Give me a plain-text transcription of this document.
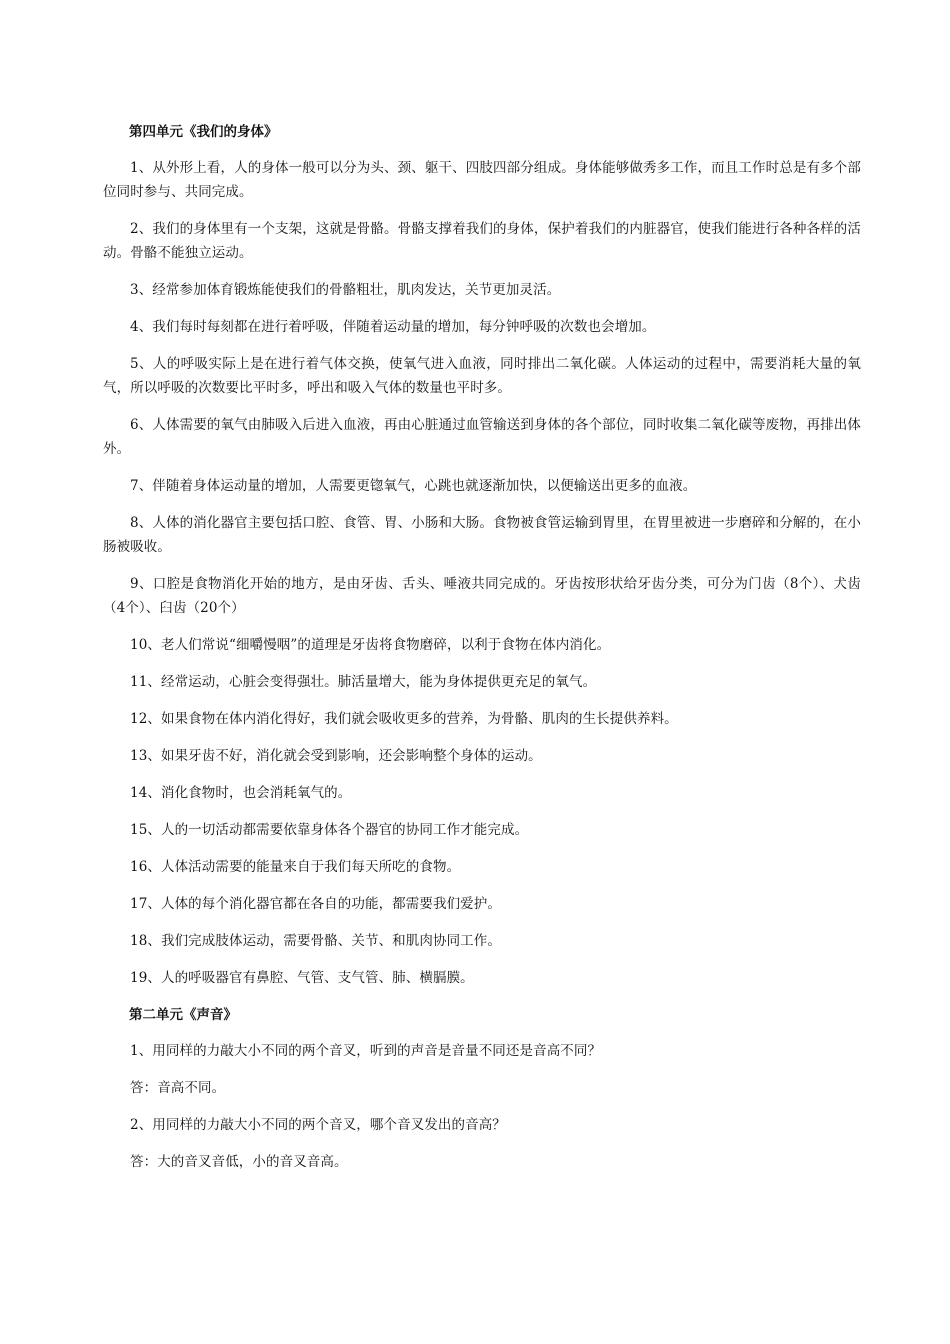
第四单元《我们的身体》

1、从外形上看，人的身体一般可以分为头、颈、躯干、四肢四部分组成。身体能够做秀多工作，而且工作时总是有多个部位同时参与、共同完成。

2、我们的身体里有一个支架，这就是骨骼。骨骼支撑着我们的身体，保护着我们的内脏器官，使我们能进行各种各样的活动。骨骼不能独立运动。

3、经常参加体育锻炼能使我们的骨骼粗壮，肌肉发达，关节更加灵活。

4、我们每时每刻都在进行着呼吸，伴随着运动量的增加，每分钟呼吸的次数也会增加。

5、人的呼吸实际上是在进行着气体交换，使氧气进入血液，同时排出二氧化碳。人体运动的过程中，需要消耗大量的氧气，所以呼吸的次数要比平时多，呼出和吸入气体的数量也平时多。

6、人体需要的氧气由肺吸入后进入血液，再由心脏通过血管输送到身体的各个部位，同时收集二氧化碳等废物，再排出体外。

7、伴随着身体运动量的增加，人需要更锪氧气，心跳也就逐渐加快，以便输送出更多的血液。

8、人体的消化器官主要包括口腔、食管、胃、小肠和大肠。食物被食管运输到胃里，在胃里被进一步磨碎和分解的，在小肠被吸收。

9、口腔是食物消化开始的地方，是由牙齿、舌头、唾液共同完成的。牙齿按形状给牙齿分类，可分为门齿（8个）、犬齿（4个）、臼齿（20个）

10、老人们常说“细嚼慢咽”的道理是牙齿将食物磨碎，以利于食物在体内消化。

11、经常运动，心脏会变得强壮。肺活量增大，能为身体提供更充足的氧气。

12、如果食物在体内消化得好，我们就会吸收更多的营养，为骨骼、肌肉的生长提供养料。

13、如果牙齿不好，消化就会受到影响，还会影响整个身体的运动。

14、消化食物时，也会消耗氧气的。

15、人的一切活动都需要依靠身体各个器官的协同工作才能完成。

16、人体活动需要的能量来自于我们每天所吃的食物。

17、人体的每个消化器官都在各自的功能，都需要我们爱护。

18、我们完成肢体运动，需要骨骼、关节、和肌肉协同工作。

19、人的呼吸器官有鼻腔、气管、支气管、肺、横膈膜。

第二单元《声音》

1、用同样的力敲大小不同的两个音叉，听到的声音是音量不同还是音高不同？

答：音高不同。

2、用同样的力敲大小不同的两个音叉，哪个音叉发出的音高？

答：大的音叉音低，小的音叉音高。
